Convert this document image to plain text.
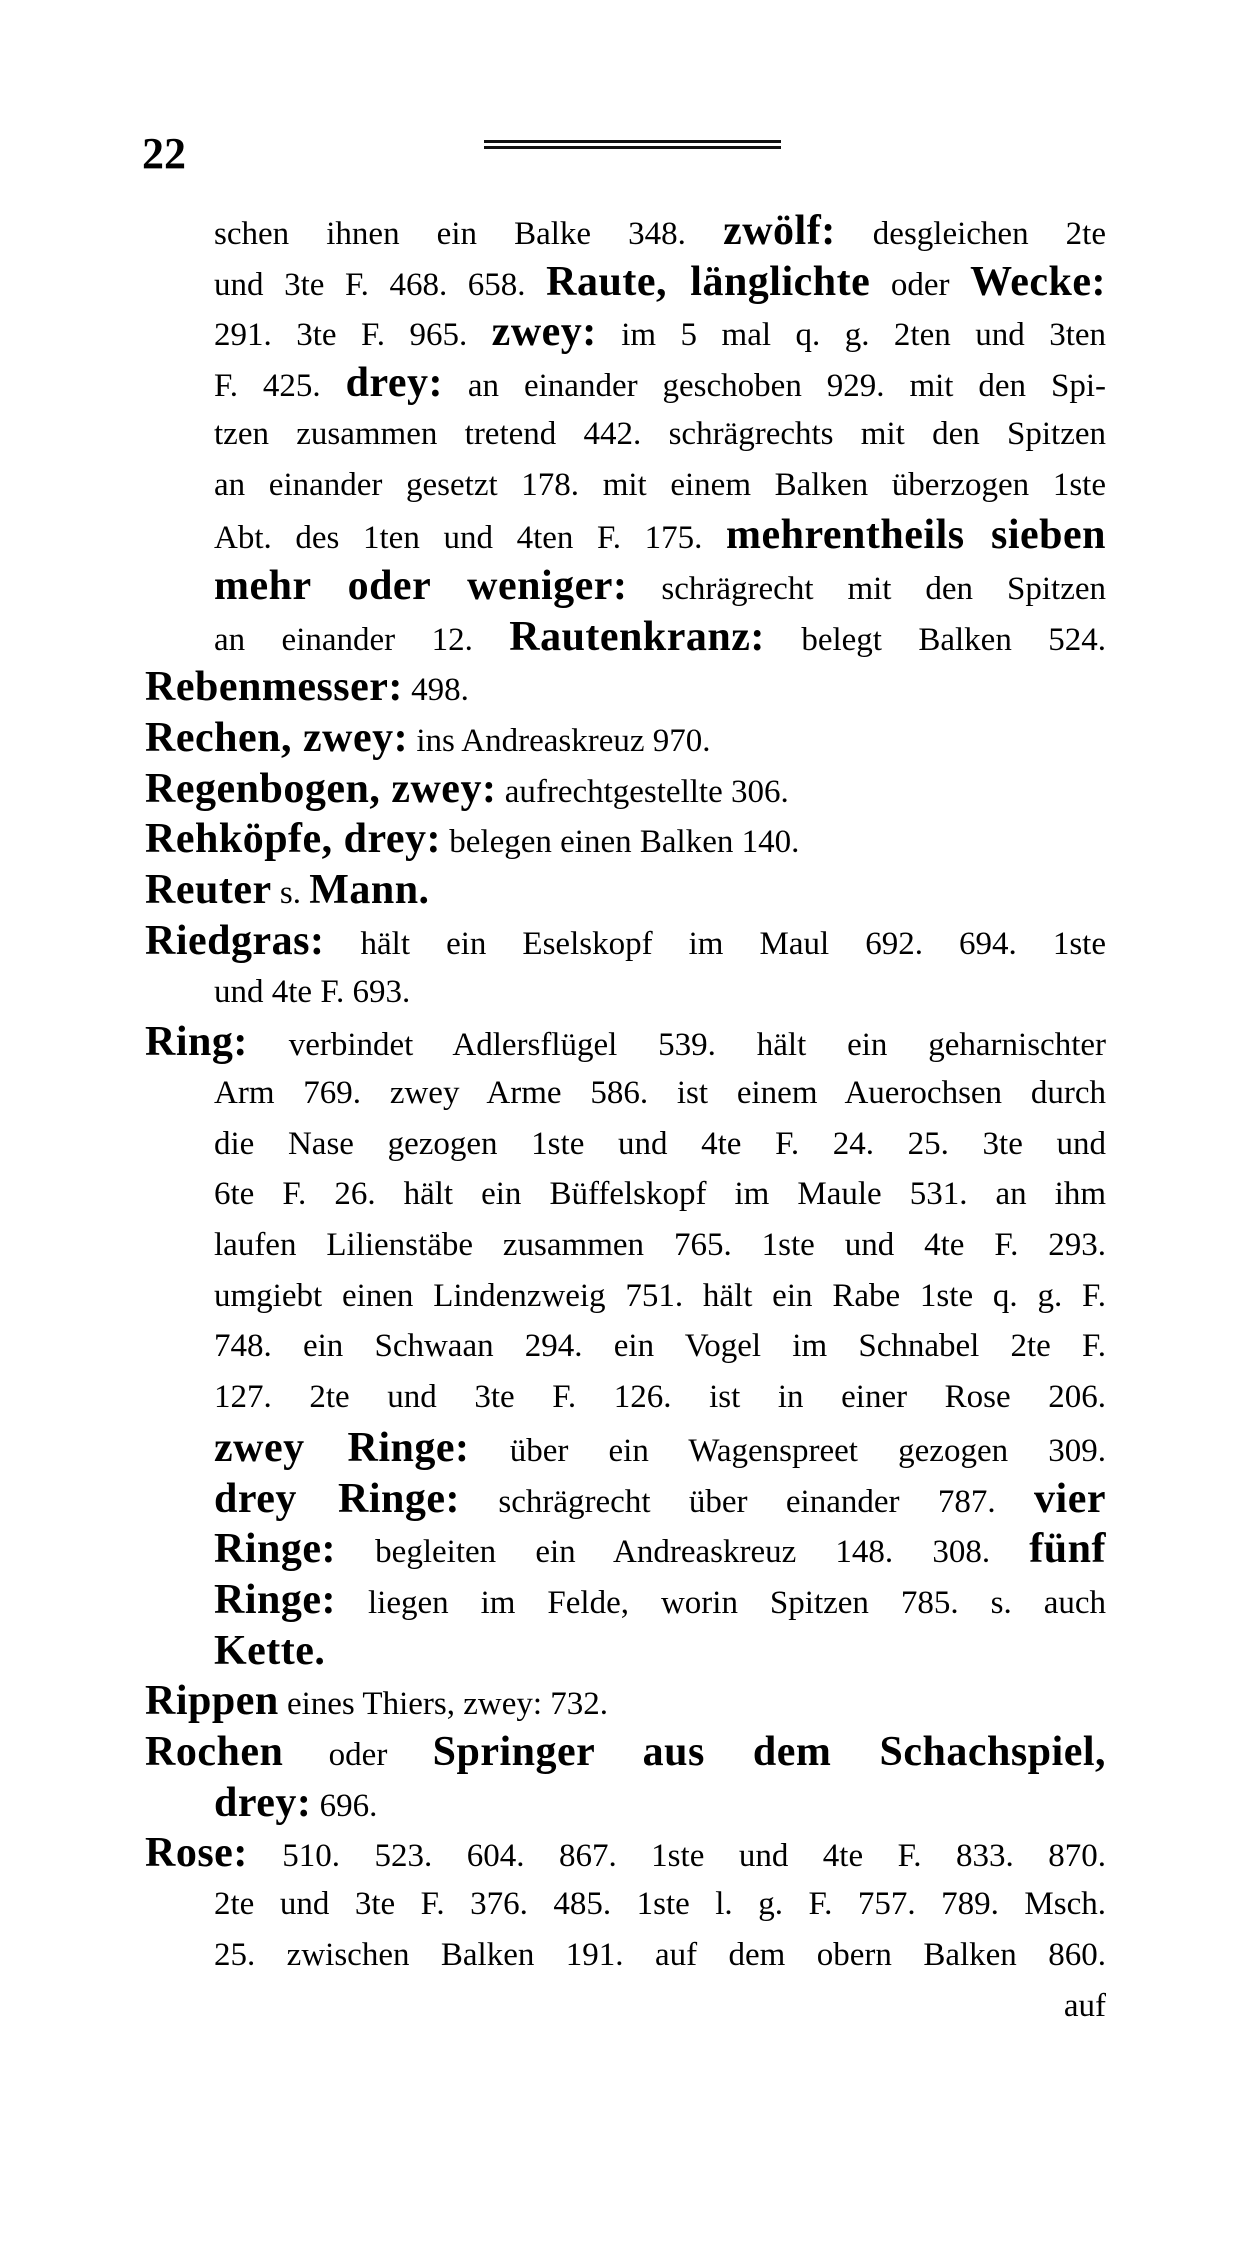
22
schen ihnen ein Balke 348. zwölf: desgleichen 2te
und 3te F. 468. 658. Raute, länglichte oder Wecke:
291. 3te F. 965. zwey: im 5 mal q. g. 2ten und 3ten
F. 425. drey: an einander geschoben 929. mit den Spi-
tzen zusammen tretend 442. schrägrechts mit den Spitzen
an einander gesetzt 178. mit einem Balken überzogen 1ste
Abt. des 1ten und 4ten F. 175. mehrentheils sieben
mehr oder weniger: schrägrecht mit den Spitzen
an einander 12. Rautenkranz: belegt Balken 524.
Rebenmesser: 498.
Rechen, zwey: ins Andreaskreuz 970.
Regenbogen, zwey: aufrechtgestellte 306.
Rehköpfe, drey: belegen einen Balken 140.
Reuter s. Mann.
Riedgras: hält ein Eselskopf im Maul 692. 694. 1ste
und 4te F. 693.
Ring: verbindet Adlersflügel 539. hält ein geharnischter
Arm 769. zwey Arme 586. ist einem Auerochsen durch
die Nase gezogen 1ste und 4te F. 24. 25. 3te und
6te F. 26. hält ein Büffelskopf im Maule 531. an ihm
laufen Lilienstäbe zusammen 765. 1ste und 4te F. 293.
umgiebt einen Lindenzweig 751. hält ein Rabe 1ste q. g. F.
748. ein Schwaan 294. ein Vogel im Schnabel 2te F.
127. 2te und 3te F. 126. ist in einer Rose 206.
zwey Ringe: über ein Wagenspreet gezogen 309.
drey Ringe: schrägrecht über einander 787. vier
Ringe: begleiten ein Andreaskreuz 148. 308. fünf
Ringe: liegen im Felde, worin Spitzen 785. s. auch
Kette.
Rippen eines Thiers, zwey: 732.
Rochen oder Springer aus dem Schachspiel,
drey: 696.
Rose: 510. 523. 604. 867. 1ste und 4te F. 833. 870.
2te und 3te F. 376. 485. 1ste l. g. F. 757. 789. Msch.
25. zwischen Balken 191. auf dem obern Balken 860.
auf
